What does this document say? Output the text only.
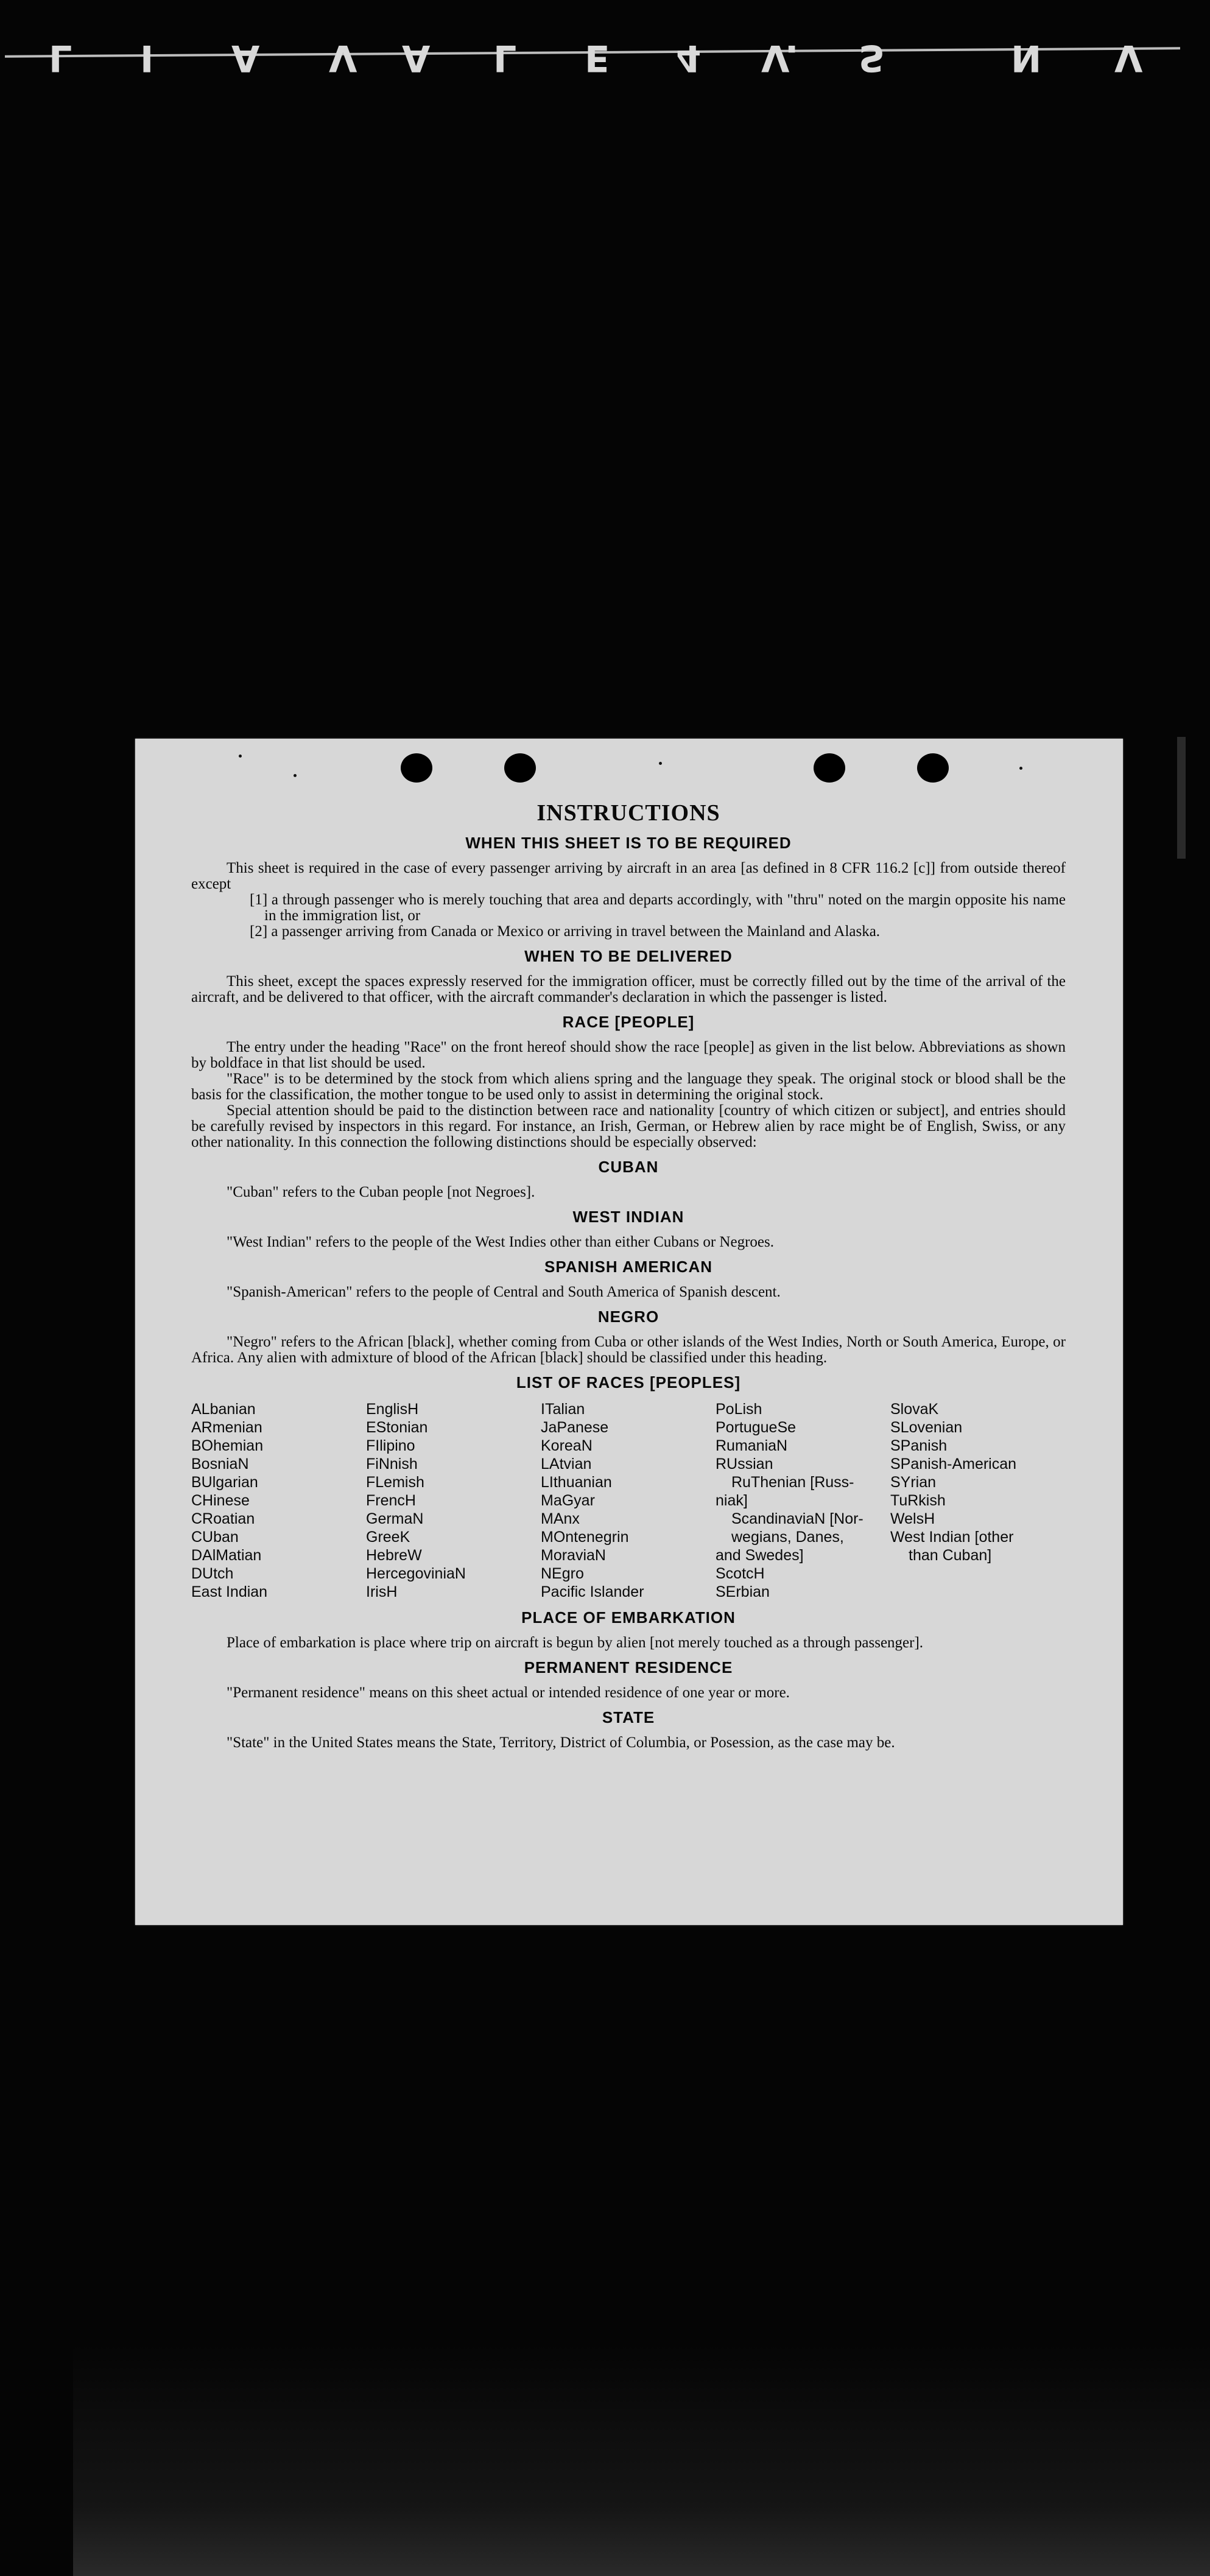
L I A V A L E 4 V. S	N V
INSTRUCTIONS
WHEN THIS SHEET IS TO BE REQUIRED

This sheet is required in the case of every passenger arriving by aircraft in an area [as defined in 8 CFR 116.2 [c]] from outside thereof except

[1] a through passenger who is merely touching that area and departs accordingly, with "thru" noted on the margin opposite his name in the immigration list, or

[2] a passenger arriving from Canada or Mexico or arriving in travel between the Mainland and Alaska.

WHEN TO BE DELIVERED

This sheet, except the spaces expressly reserved for the immigration officer, must be correctly filled out by the time of the arrival of the aircraft, and be delivered to that officer, with the aircraft commander's declaration in which the passenger is listed.

RACE [PEOPLE]

The entry under the heading "Race" on the front hereof should show the race [people] as given in the list below. Abbreviations as shown by boldface in that list should be used.

"Race" is to be determined by the stock from which aliens spring and the language they speak. The original stock or blood shall be the basis for the classification, the mother tongue to be used only to assist in determining the original stock.

Special attention should be paid to the distinction between race and nationality [country of which citizen or subject], and entries should be carefully revised by inspectors in this regard. For instance, an Irish, German, or Hebrew alien by race might be of English, Swiss, or any other nationality. In this connection the following distinctions should be especially observed:

CUBAN

"Cuban" refers to the Cuban people [not Negroes].

WEST INDIAN

"West Indian" refers to the people of the West Indies other than either Cubans or Negroes.

SPANISH AMERICAN

"Spanish-American" refers to the people of Central and South America of Spanish descent.

NEGRO

"Negro" refers to the African [black], whether coming from Cuba or other islands of the West Indies, North or South America, Europe, or Africa. Any alien with admixture of blood of the African [black] should be classified under this heading.

LIST OF RACES [PEOPLES]
ALbanian
ARmenian
BOhemian
BosniaN
BUlgarian
CHinese
CRoatian
CUban
DAlMatian
DUtch
East Indian
EnglisH
EStonian
FIlipino
FiNnish
FLemish
FrencH
GermaN
GreeK
HebreW
HercegoviniaN
IrisH
ITalian
JaPanese
KoreaN
LAtvian
LIthuanian
MaGyar
MAnx
MOntenegrin
MoraviaN
NEgro
Pacific Islander
PoLish
PortugueSe
RumaniaN
RUssian
RuThenian [Russ-
niak]
ScandinaviaN [Nor-
wegians, Danes,
and Swedes]
ScotcH
SErbian
SlovaK
SLovenian
SPanish
SPanish-American
SYrian
TuRkish
WelsH
West Indian [other
than Cuban]
PLACE OF EMBARKATION

Place of embarkation is place where trip on aircraft is begun by alien [not merely touched as a through passenger].

PERMANENT RESIDENCE

"Permanent residence" means on this sheet actual or intended residence of one year or more.

STATE

"State" in the United States means the State, Territory, District of Columbia, or Posession, as the case may be.
